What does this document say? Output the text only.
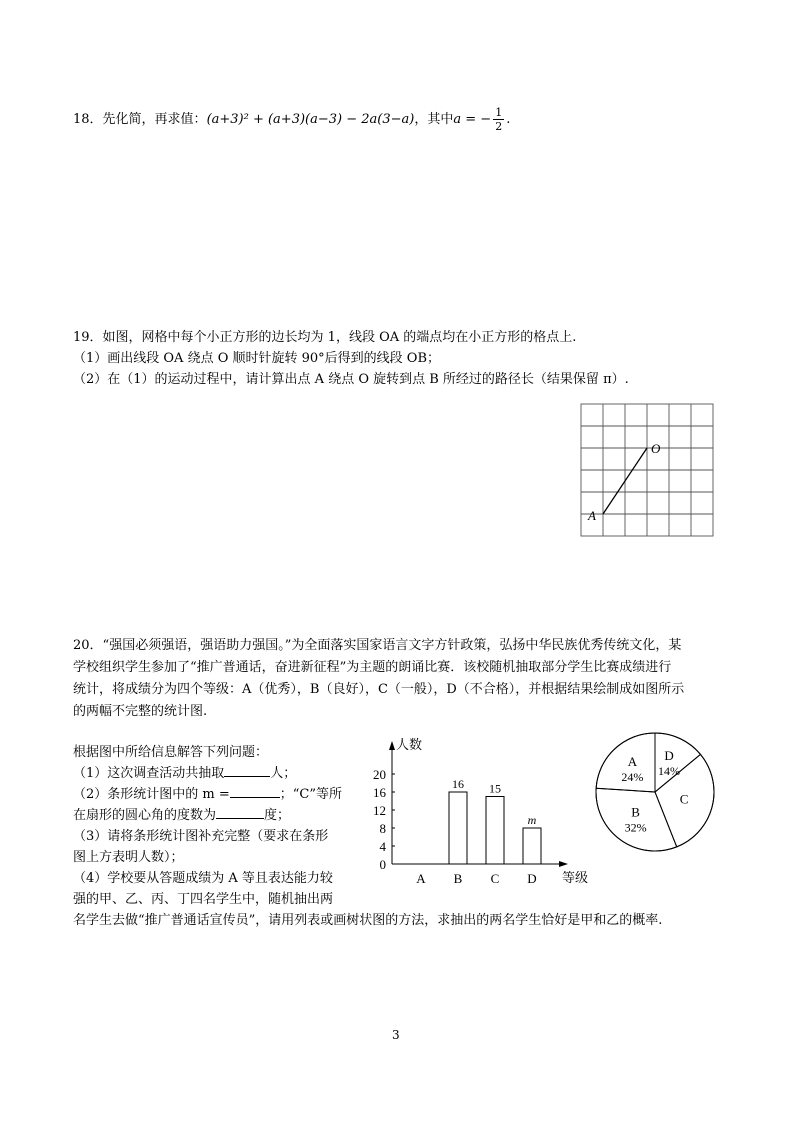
18．先化简，再求值：(a+3)² + (a+3)(a−3) − 2a(3−a)，其中a = − $\frac{1}{2}$ .
19．如图，网格中每个小正方形的边长均为 1，线段 OA 的端点均在小正方形的格点上.
（1）画出线段 OA 绕点 O 顺时针旋转 90°后得到的线段 OB；
（2）在（1）的运动过程中，请计算出点 A 绕点 O 旋转到点 B 所经过的路径长（结果保留 π）.
O
A
20．“强国必须强语，强语助力强国。”为全面落实国家语言文字方针政策，弘扬中华民族优秀传统文化，某
学校组织学生参加了“推广普通话，奋进新征程”为主题的朗诵比赛．该校随机抽取部分学生比赛成绩进行
统计，将成绩分为四个等级：A（优秀），B（良好），C（一般），D（不合格），并根据结果绘制成如图所示
的两幅不完整的统计图.
根据图中所给信息解答下列问题：
（1）这次调查活动共抽取	人；
（2）条形统计图中的 m =	；“C”等所
在扇形的圆心角的度数为	度；
（3）请将条形统计图补充完整（要求在条形
图上方表明人数）；
（4）学校要从答题成绩为 A 等且表达能力较
强的甲、乙、丙、丁四名学生中，随机抽出两
名学生去做“推广普通话宣传员”，请用列表或画树状图的方法，求抽出的两名学生恰好是甲和乙的概率.
人数
等级
0
4
8
12
16
20
A B
16
C
15
D
m
A
24%
D
14%
C
B
32%
3
